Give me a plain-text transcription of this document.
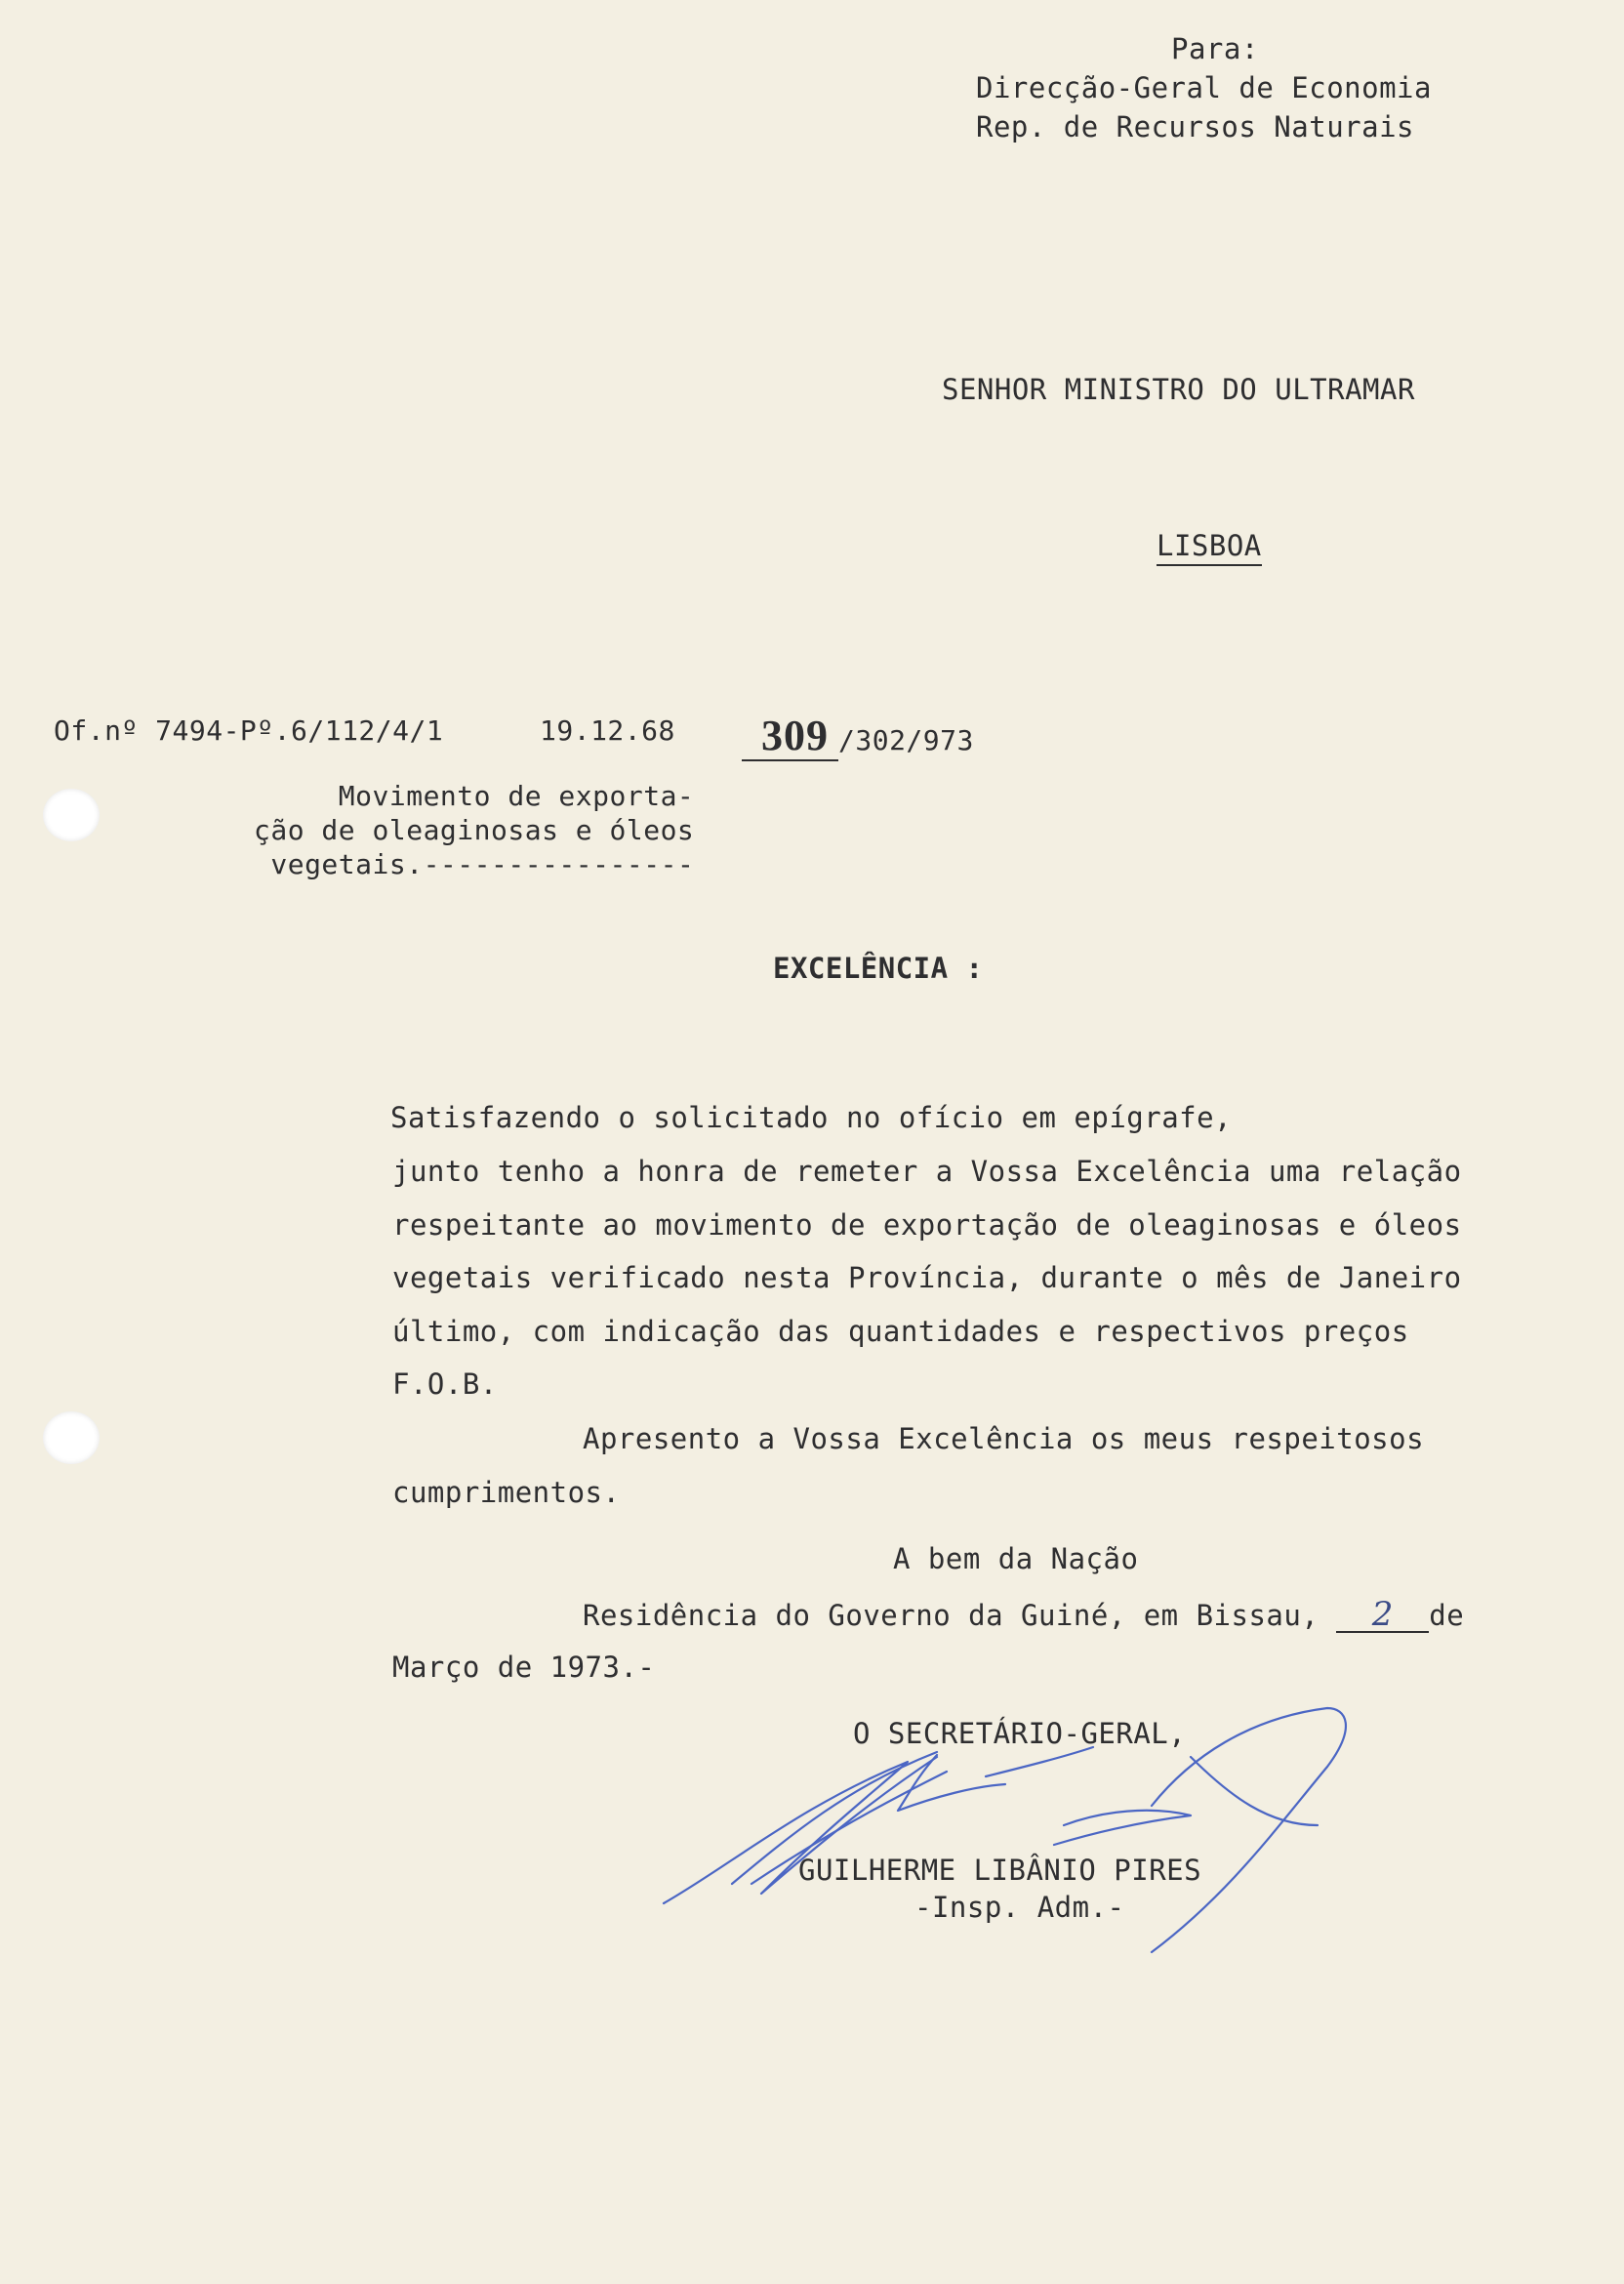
Para:
Direcção-Geral de Economia
Rep. de Recursos Naturais
SENHOR MINISTRO DO ULTRAMAR
LISBOA
Of.nº 7494-Pº.6/112/4/1	19.12.68	309 /302/973
Movimento de exporta-
ção de oleaginosas e óleos
vegetais.----------------
EXCELÊNCIA :
Satisfazendo o solicitado no ofício em epígrafe,
junto tenho a honra de remeter a Vossa Excelência uma relação
respeitante ao movimento de exportação de oleaginosas e óleos
vegetais verificado nesta Província, durante o mês de Janeiro
último, com indicação das quantidades e respectivos preços
F.O.B.
Apresento a Vossa Excelência os meus respeitosos
cumprimentos.
A bem da Nação
Residência do Governo da Guiné, em Bissau, 2 de
Março de 1973.-
O SECRETÁRIO-GERAL,
GUILHERME LIBÂNIO PIRES
-Insp. Adm.-
